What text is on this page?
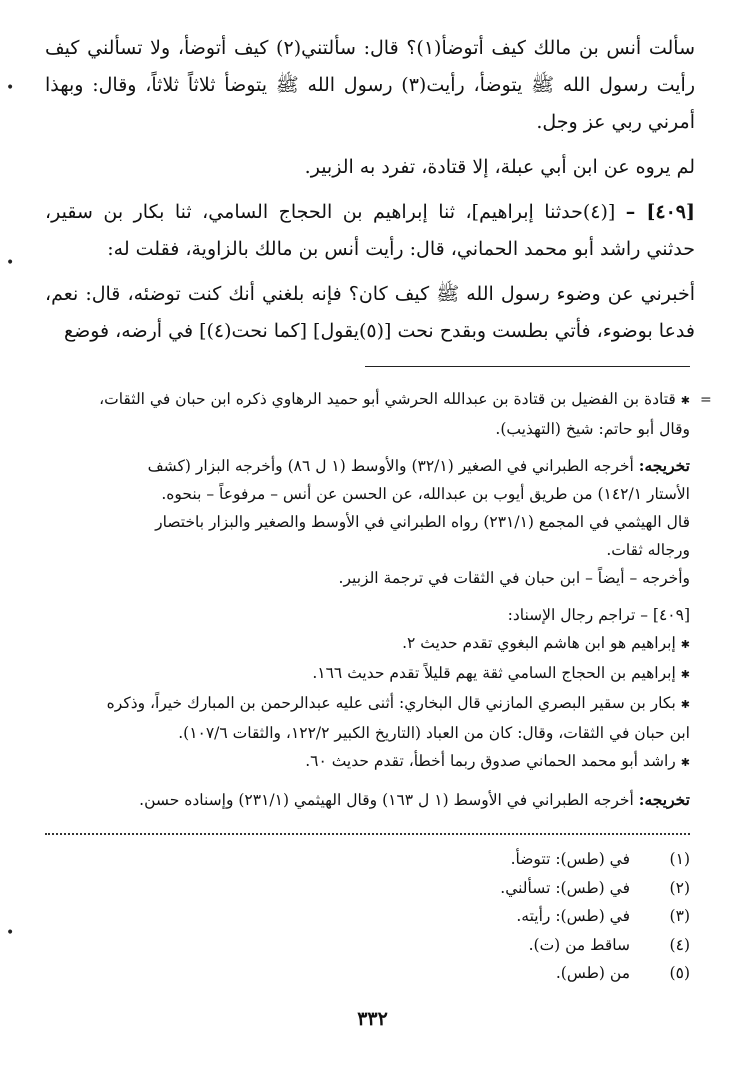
سألت أنس بن مالك كيف أتوضأ(١)؟ قال: سألتني(٢) كيف أتوضأ، ولا تسألني كيف رأيت رسول الله ﷺ يتوضأ، رأيت(٣) رسول الله ﷺ يتوضأ ثلاثاً ثلاثاً، وقال: وبهذا أمرني ربي عز وجل.

لم يروه عن ابن أبي عبلة، إلا قتادة، تفرد به الزبير.

[٤٠٩] – [(٤)حدثنا إبراهيم]، ثنا إبراهيم بن الحجاج السامي، ثنا بكار بن سقير، حدثني راشد أبو محمد الحماني، قال: رأيت أنس بن مالك بالزاوية، فقلت له:

أخبرني عن وضوء رسول الله ﷺ كيف كان؟ فإنه بلغني أنك كنت توضئه، قال: نعم، فدعا بوضوء، فأتي بطست وبقدح نحت [(٥)يقول] [كما نحت(٤)] في أرضه، فوضع

✱ قتادة بن الفضيل بن قتادة بن عبدالله الحرشي أبو حميد الرهاوي ذكره ابن حبان في الثقات،
وقال أبو حاتم: شيخ (التهذيب).
تخريجه: أخرجه الطبراني في الصغير (٣٢/١) والأوسط (١ ل ٨٦) وأخرجه البزار (كشف
الأستار ١٤٢/١) من طريق أيوب بن عبدالله، عن الحسن عن أنس – مرفوعاً – بنحوه.
قال الهيثمي في المجمع (٢٣١/١) رواه الطبراني في الأوسط والصغير والبزار باختصار
ورجاله ثقات.
وأخرجه – أيضاً – ابن حبان في الثقات في ترجمة الزبير.
[٤٠٩] – تراجم رجال الإسناد:
✱ إبراهيم هو ابن هاشم البغوي تقدم حديث ٢.
✱ إبراهيم بن الحجاج السامي ثقة يهم قليلاً تقدم حديث ١٦٦.
✱ بكار بن سقير البصري المازني قال البخاري: أثنى عليه عبدالرحمن بن المبارك خيراً، وذكره
ابن حبان في الثقات، وقال: كان من العباد (التاريخ الكبير ١٢٢/٢، والثقات ١٠٧/٦).
✱ راشد أبو محمد الحماني صدوق ربما أخطأ، تقدم حديث ٦٠.
تخريجه: أخرجه الطبراني في الأوسط (١ ل ١٦٣) وقال الهيثمي (٢٣١/١) وإسناده حسن.
(١)
في (طس): تتوضأ.
(٢)
في (طس): تسألني.
(٣)
في (طس): رأيته.
(٤)
ساقط من (ت).
(٥)
من (طس).
٣٣٢
=
•
•
•
